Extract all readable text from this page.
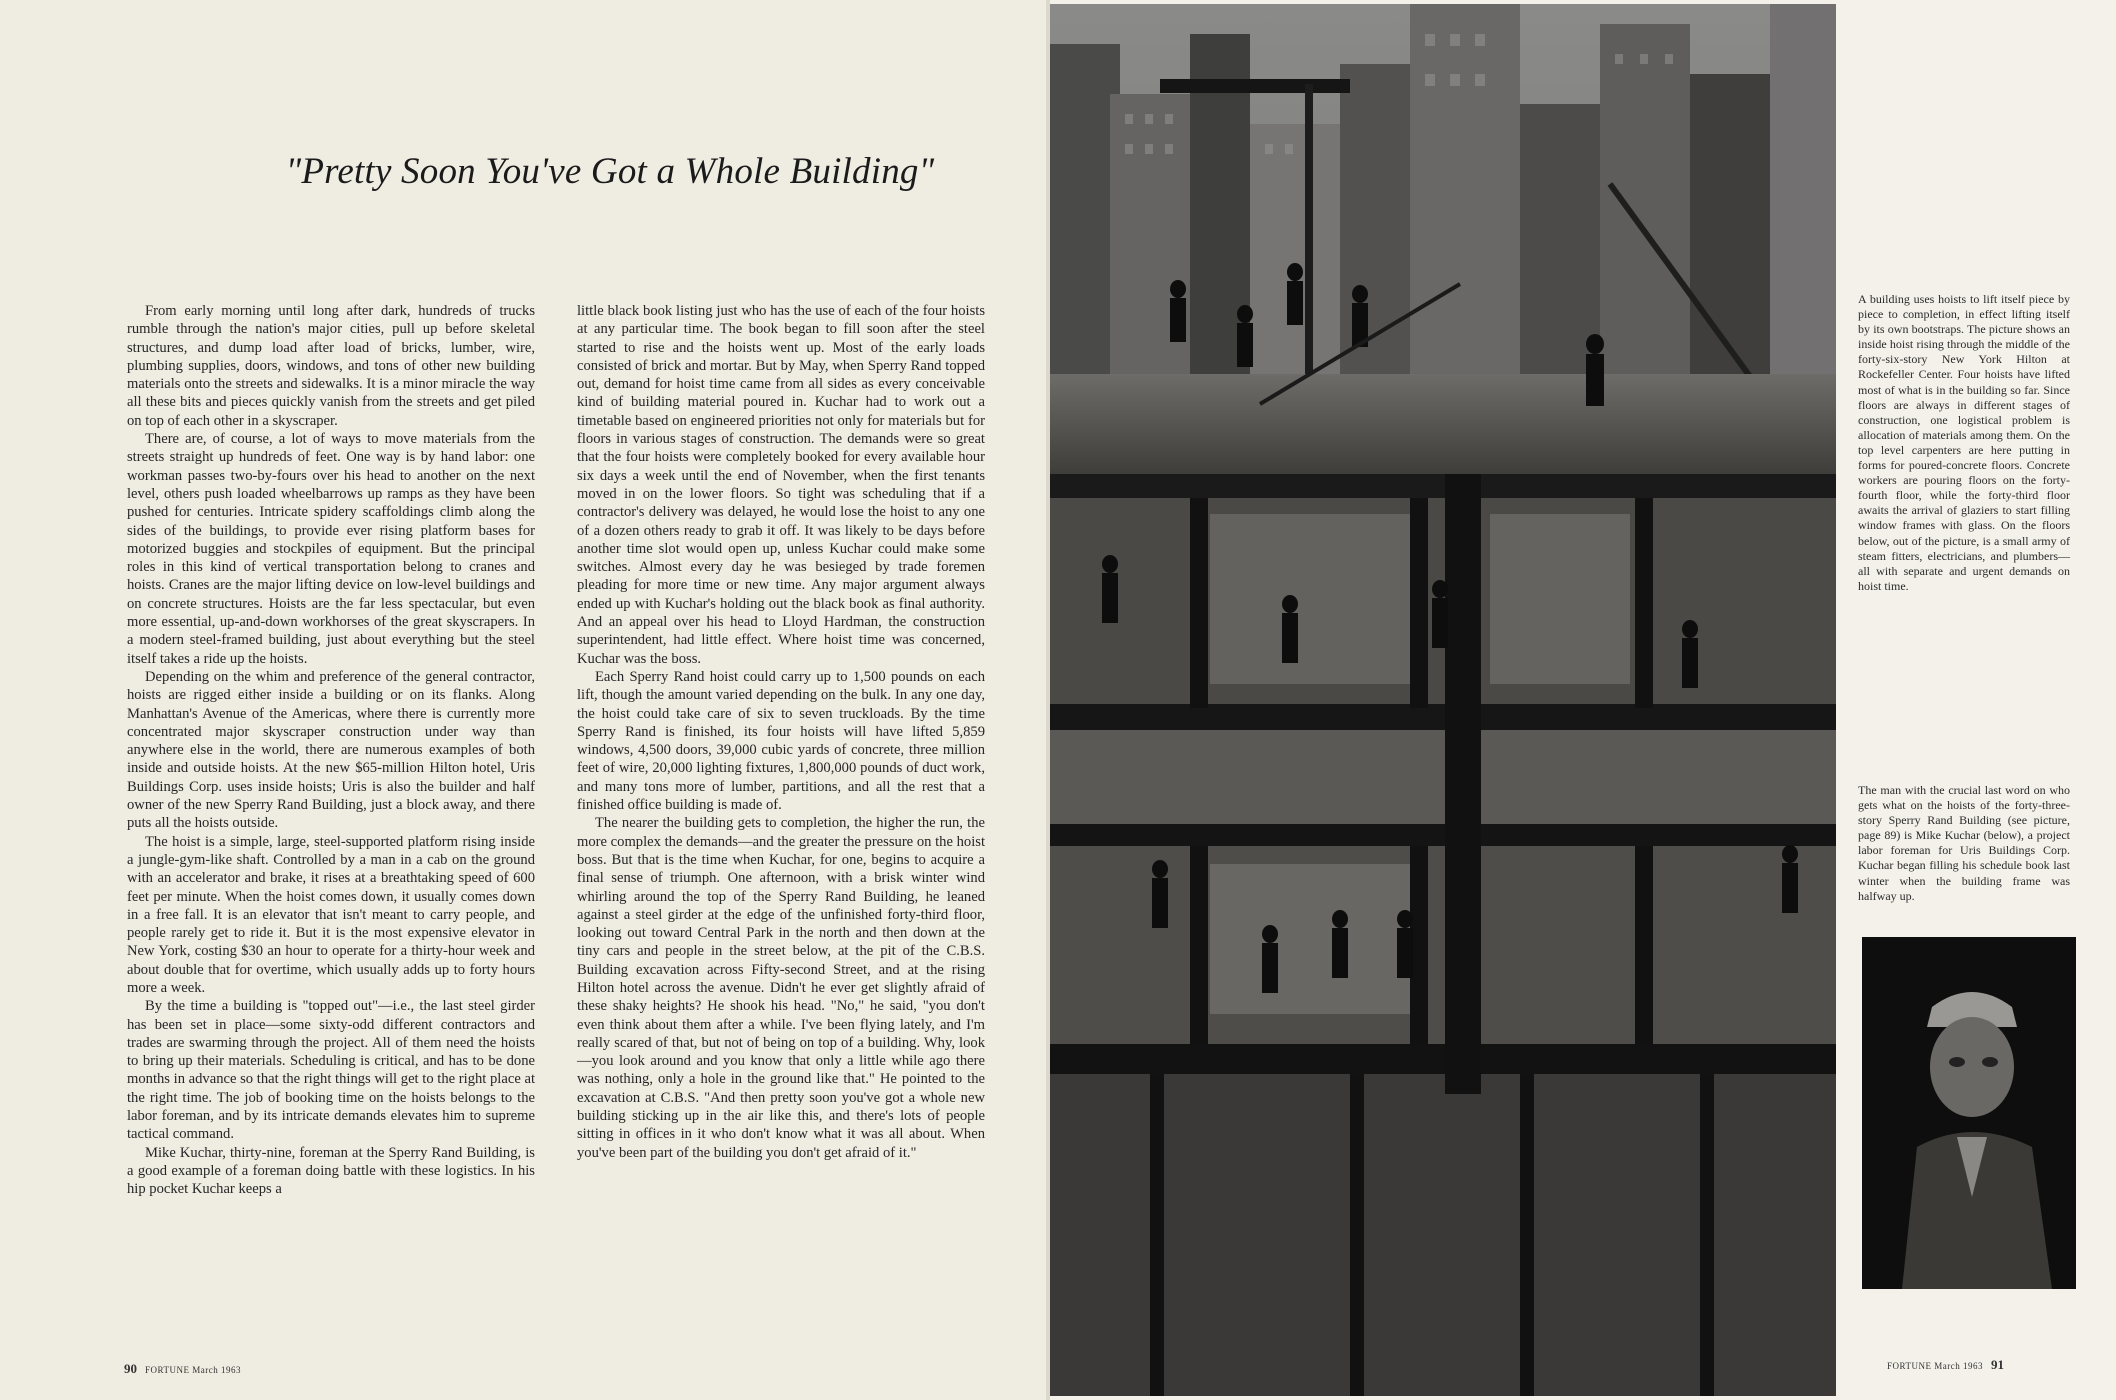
"Pretty Soon You've Got a Whole Building"

From early morning until long after dark, hundreds of trucks rumble through the nation's major cities, pull up before skeletal structures, and dump load after load of bricks, lumber, wire, plumbing supplies, doors, windows, and tons of other new building materials onto the streets and sidewalks. It is a minor miracle the way all these bits and pieces quickly vanish from the streets and get piled on top of each other in a skyscraper.

There are, of course, a lot of ways to move materials from the streets straight up hundreds of feet. One way is by hand labor: one workman passes two-by-fours over his head to another on the next level, others push loaded wheelbarrows up ramps as they have been pushed for centuries. Intricate spidery scaffoldings climb along the sides of the buildings, to provide ever rising platform bases for motorized buggies and stockpiles of equipment. But the principal roles in this kind of vertical transportation belong to cranes and hoists. Cranes are the major lifting device on low-level buildings and on concrete structures. Hoists are the far less spectacular, but even more essential, up-and-down workhorses of the great skyscrapers. In a modern steel-framed building, just about everything but the steel itself takes a ride up the hoists.

Depending on the whim and preference of the general contractor, hoists are rigged either inside a building or on its flanks. Along Manhattan's Avenue of the Americas, where there is currently more concentrated major skyscraper construction under way than anywhere else in the world, there are numerous examples of both inside and outside hoists. At the new $65-million Hilton hotel, Uris Buildings Corp. uses inside hoists; Uris is also the builder and half owner of the new Sperry Rand Building, just a block away, and there puts all the hoists outside.

The hoist is a simple, large, steel-supported platform rising inside a jungle-gym-like shaft. Controlled by a man in a cab on the ground with an accelerator and brake, it rises at a breathtaking speed of 600 feet per minute. When the hoist comes down, it usually comes down in a free fall. It is an elevator that isn't meant to carry people, and people rarely get to ride it. But it is the most expensive elevator in New York, costing $30 an hour to operate for a thirty-hour week and about double that for overtime, which usually adds up to forty hours more a week.

By the time a building is "topped out"—i.e., the last steel girder has been set in place—some sixty-odd different contractors and trades are swarming through the project. All of them need the hoists to bring up their materials. Scheduling is critical, and has to be done months in advance so that the right things will get to the right place at the right time. The job of booking time on the hoists belongs to the labor foreman, and by its intricate demands elevates him to supreme tactical command.

Mike Kuchar, thirty-nine, foreman at the Sperry Rand Building, is a good example of a foreman doing battle with these logistics. In his hip pocket Kuchar keeps a

little black book listing just who has the use of each of the four hoists at any particular time. The book began to fill soon after the steel started to rise and the hoists went up. Most of the early loads consisted of brick and mortar. But by May, when Sperry Rand topped out, demand for hoist time came from all sides as every conceivable kind of building material poured in. Kuchar had to work out a timetable based on engineered priorities not only for materials but for floors in various stages of construction. The demands were so great that the four hoists were completely booked for every available hour six days a week until the end of November, when the first tenants moved in on the lower floors. So tight was scheduling that if a contractor's delivery was delayed, he would lose the hoist to any one of a dozen others ready to grab it off. It was likely to be days before another time slot would open up, unless Kuchar could make some switches. Almost every day he was besieged by trade foremen pleading for more time or new time. Any major argument always ended up with Kuchar's holding out the black book as final authority. And an appeal over his head to Lloyd Hardman, the construction superintendent, had little effect. Where hoist time was concerned, Kuchar was the boss.

Each Sperry Rand hoist could carry up to 1,500 pounds on each lift, though the amount varied depending on the bulk. In any one day, the hoist could take care of six to seven truckloads. By the time Sperry Rand is finished, its four hoists will have lifted 5,859 windows, 4,500 doors, 39,000 cubic yards of concrete, three million feet of wire, 20,000 lighting fixtures, 1,800,000 pounds of duct work, and many tons more of lumber, partitions, and all the rest that a finished office building is made of.

The nearer the building gets to completion, the higher the run, the more complex the demands—and the greater the pressure on the hoist boss. But that is the time when Kuchar, for one, begins to acquire a final sense of triumph. One afternoon, with a brisk winter wind whirling around the top of the Sperry Rand Building, he leaned against a steel girder at the edge of the unfinished forty-third floor, looking out toward Central Park in the north and then down at the tiny cars and people in the street below, at the pit of the C.B.S. Building excavation across Fifty-second Street, and at the rising Hilton hotel across the avenue. Didn't he ever get slightly afraid of these shaky heights? He shook his head. "No," he said, "you don't even think about them after a while. I've been flying lately, and I'm really scared of that, but not of being on top of a building. Why, look—you look around and you know that only a little while ago there was nothing, only a hole in the ground like that." He pointed to the excavation at C.B.S. "And then pretty soon you've got a whole new building sticking up in the air like this, and there's lots of people sitting in offices in it who don't know what it was all about. When you've been part of the building you don't get afraid of it."

90 FORTUNE March 1963
A building uses hoists to lift itself piece by piece to completion, in effect lifting itself by its own bootstraps. The picture shows an inside hoist rising through the middle of the forty-six-story New York Hilton at Rockefeller Center. Four hoists have lifted most of what is in the building so far. Since floors are always in different stages of construction, one logistical problem is allocation of materials among them. On the top level carpenters are here putting in forms for poured-concrete floors. Concrete workers are pouring floors on the forty-fourth floor, while the forty-third floor awaits the arrival of glaziers to start filling window frames with glass. On the floors below, out of the picture, is a small army of steam fitters, electricians, and plumbers—all with separate and urgent demands on hoist time.
The man with the crucial last word on who gets what on the hoists of the forty-three-story Sperry Rand Building (see picture, page 89) is Mike Kuchar (below), a project labor foreman for Uris Buildings Corp. Kuchar began filling his schedule book last winter when the building frame was halfway up.
FORTUNE March 1963 91
